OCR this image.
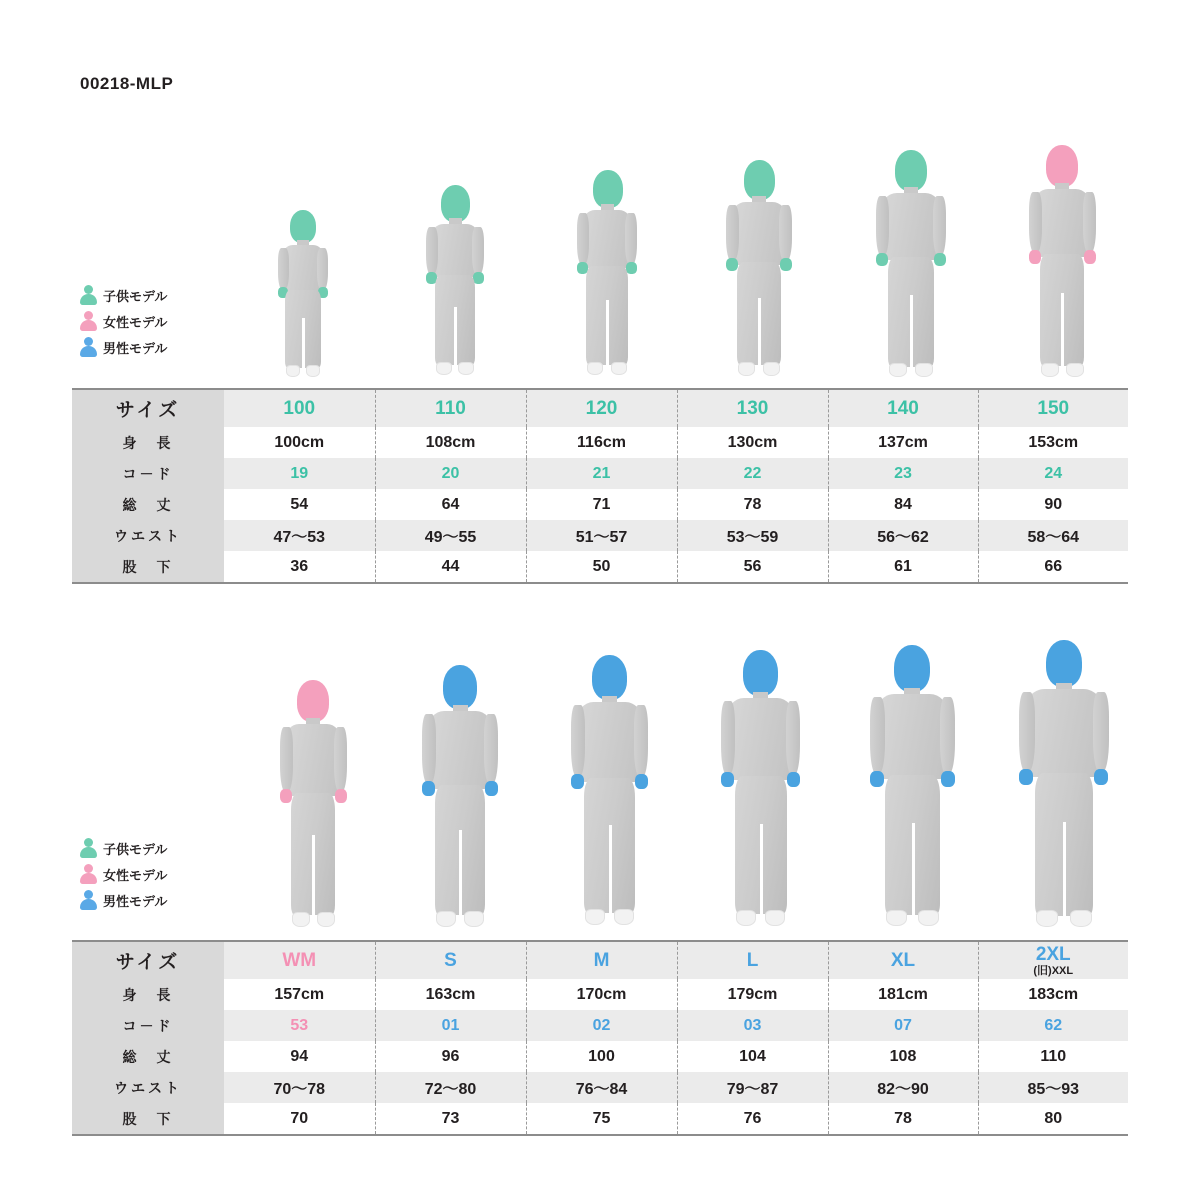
00218-MLP
子供モデル
女性モデル
男性モデル
サイズ	100	110	120	130	140	150
身　長	100cm	108cm	116cm	130cm	137cm	153cm
コ－ド	19	20	21	22	23	24
総　丈	54	64	71	78	84	90
ウエスト	47〜53	49〜55	51〜57	53〜59	56〜62	58〜64
股　下	36	44	50	56	61	66
子供モデル
女性モデル
男性モデル
サイズ	WM	S	M	L	XL	2XL
(旧)XXL

身　長	157cm	163cm	170cm	179cm	181cm	183cm
コ－ド	53	01	02	03	07	62
総　丈	94	96	100	104	108	110
ウエスト	70〜78	72〜80	76〜84	79〜87	82〜90	85〜93
股　下	70	73	75	76	78	80
